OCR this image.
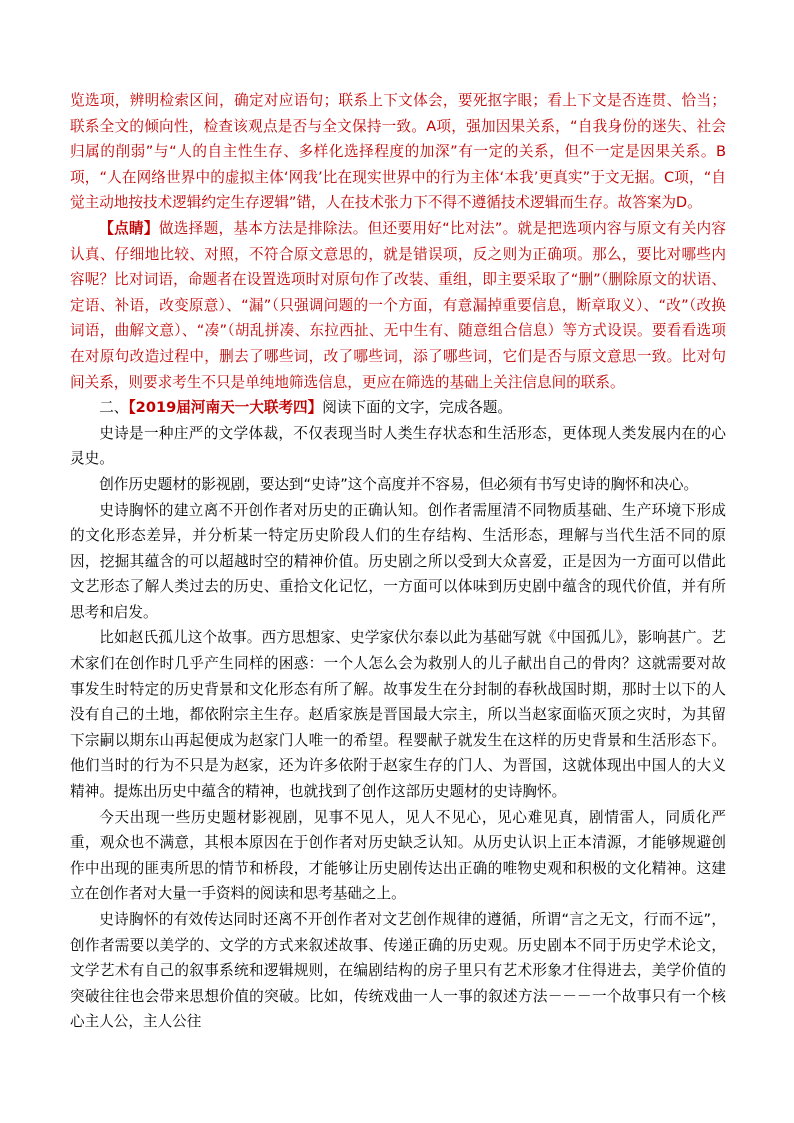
览选项，辨明检索区间，确定对应语句；联系上下文体会，要死抠字眼；看上下文是否连贯、恰当；联系全文的倾向性，检查该观点是否与全文保持一致。A项，强加因果关系，“自我身份的迷失、社会归属的削弱”与“人的自主性生存、多样化选择程度的加深”有一定的关系，但不一定是因果关系。B项，“人在网络世界中的虚拟主体‘网我’比在现实世界中的行为主体‘本我’更真实”于文无据。C项，“自觉主动地按技术逻辑约定生存逻辑”错，人在技术张力下不得不遵循技术逻辑而生存。故答案为D。

【点睛】做选择题，基本方法是排除法。但还要用好“比对法”。就是把选项内容与原文有关内容认真、仔细地比较、对照，不符合原文意思的，就是错误项，反之则为正确项。那么，要比对哪些内容呢？比对词语，命题者在设置选项时对原句作了改装、重组，即主要采取了“删”（删除原文的状语、定语、补语，改变原意）、“漏”（只强调问题的一个方面，有意漏掉重要信息，断章取义）、“改”（改换词语，曲解文意）、“凑”（胡乱拼凑、东拉西扯、无中生有、随意组合信息）等方式设误。要看看选项在对原句改造过程中，删去了哪些词，改了哪些词，添了哪些词，它们是否与原文意思一致。比对句间关系，则要求考生不只是单纯地筛选信息，更应在筛选的基础上关注信息间的联系。

二、【2019届河南天一大联考四】阅读下面的文字，完成各题。

史诗是一种庄严的文学体裁，不仅表现当时人类生存状态和生活形态，更体现人类发展内在的心灵史。

创作历史题材的影视剧，要达到“史诗”这个高度并不容易，但必须有书写史诗的胸怀和决心。

史诗胸怀的建立离不开创作者对历史的正确认知。创作者需厘清不同物质基础、生产环境下形成的文化形态差异，并分析某一特定历史阶段人们的生存结构、生活形态，理解与当代生活不同的原因，挖掘其蕴含的可以超越时空的精神价值。历史剧之所以受到大众喜爱，正是因为一方面可以借此文艺形态了解人类过去的历史、重拾文化记忆，一方面可以体味到历史剧中蕴含的现代价值，并有所思考和启发。

比如赵氏孤儿这个故事。西方思想家、史学家伏尔泰以此为基础写就《中国孤儿》，影响甚广。艺术家们在创作时几乎产生同样的困惑：一个人怎么会为救别人的儿子献出自己的骨肉？这就需要对故事发生时特定的历史背景和文化形态有所了解。故事发生在分封制的春秋战国时期，那时士以下的人没有自己的土地，都依附宗主生存。赵盾家族是晋国最大宗主，所以当赵家面临灭顶之灾时，为其留下宗嗣以期东山再起便成为赵家门人唯一的希望。程婴献子就发生在这样的历史背景和生活形态下。他们当时的行为不只是为赵家，还为许多依附于赵家生存的门人、为晋国，这就体现出中国人的大义精神。提炼出历史中蕴含的精神，也就找到了创作这部历史题材的史诗胸怀。

今天出现一些历史题材影视剧，见事不见人，见人不见心，见心难见真，剧情雷人，同质化严重，观众也不满意，其根本原因在于创作者对历史缺乏认知。从历史认识上正本清源，才能够规避创作中出现的匪夷所思的情节和桥段，才能够让历史剧传达出正确的唯物史观和积极的文化精神。这建立在创作者对大量一手资料的阅读和思考基础之上。

史诗胸怀的有效传达同时还离不开创作者对文艺创作规律的遵循，所谓“言之无文，行而不远”，创作者需要以美学的、文学的方式来叙述故事、传递正确的历史观。历史剧本不同于历史学术论文，文学艺术有自己的叙事系统和逻辑规则，在编剧结构的房子里只有艺术形象才住得进去，美学价值的突破往往也会带来思想价值的突破。比如，传统戏曲一人一事的叙述方法－－－一个故事只有一个核心主人公，主人公往
